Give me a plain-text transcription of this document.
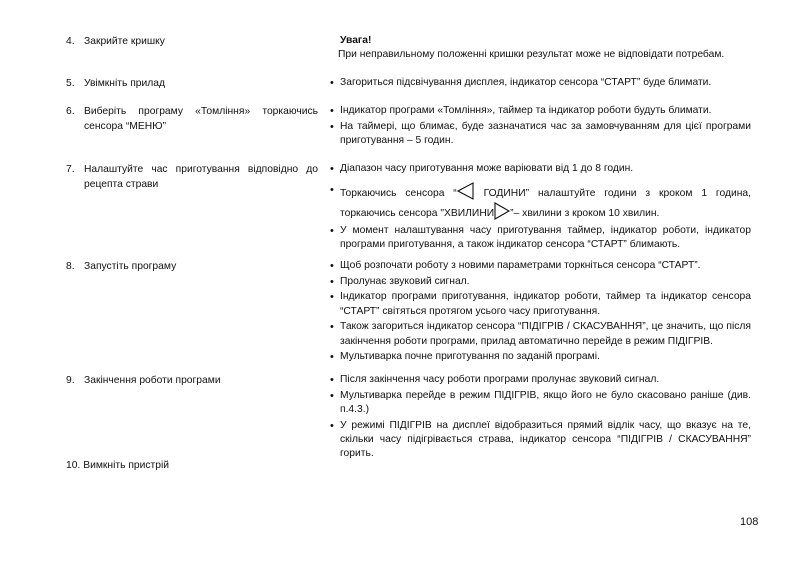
4. Закрийте кришку
5. Увімкніть прилад
6. Виберіть програму «Томління» торкаючись сенсора “МЕНЮ”
7. Налаштуйте час приготування відповідно до рецепта страви
8. Запустіть програму
9. Закінчення роботи програми
10. Вимкніть пристрій
Увага!
При неправильному положенні кришки результат може не відповідати потребам.
• Загориться підсвічування дисплея, індикатор сенсора “СТАРТ” буде блимати.
• Індикатор програми «Томління», таймер та індикатор роботи будуть блимати.
• На таймері, що блимає, буде зазначатися час за замовчуванням для цієї програми приготування – 5 годин.
• Діапазон часу приготування може варіювати від 1 до 8 годин.
• Торкаючись сенсора “ ГОДИНИ” налаштуйте години з кроком 1 година, торкаючись сенсора "ХВИЛИНИ ”– хвилини з кроком 10 хвилин.
• У момент налаштування часу приготування таймер, індикатор роботи, індикатор програми приготування, а також індикатор сенсора “СТАРТ” блимають.
• Щоб розпочати роботу з новими параметрами торкніться сенсора “СТАРТ”.
• Пролунає звуковий сигнал.
• Індикатор програми приготування, індикатор роботи, таймер та індикатор сенсора “СТАРТ” світяться протягом усього часу приготування.
• Також загориться індикатор сенсора “ПІДІГРІВ / СКАСУВАННЯ”, це значить, що після закінчення роботи програми, прилад автоматично перейде в режим ПІДІГРІВ.
• Мультиварка почне приготування по заданій програмі.
• Після закінчення часу роботи програми пролунає звуковий сигнал.
• Мультиварка перейде в режим ПІДІГРІВ, якщо його не було скасовано раніше (див. п.4.3.)
• У режимі ПІДІГРІВ на дисплеї відобразиться прямий відлік часу, що вказує на те, скільки часу підігрівається страва, індикатор сенсора “ПІДІГРІВ / СКАСУВАННЯ” горить.
108
